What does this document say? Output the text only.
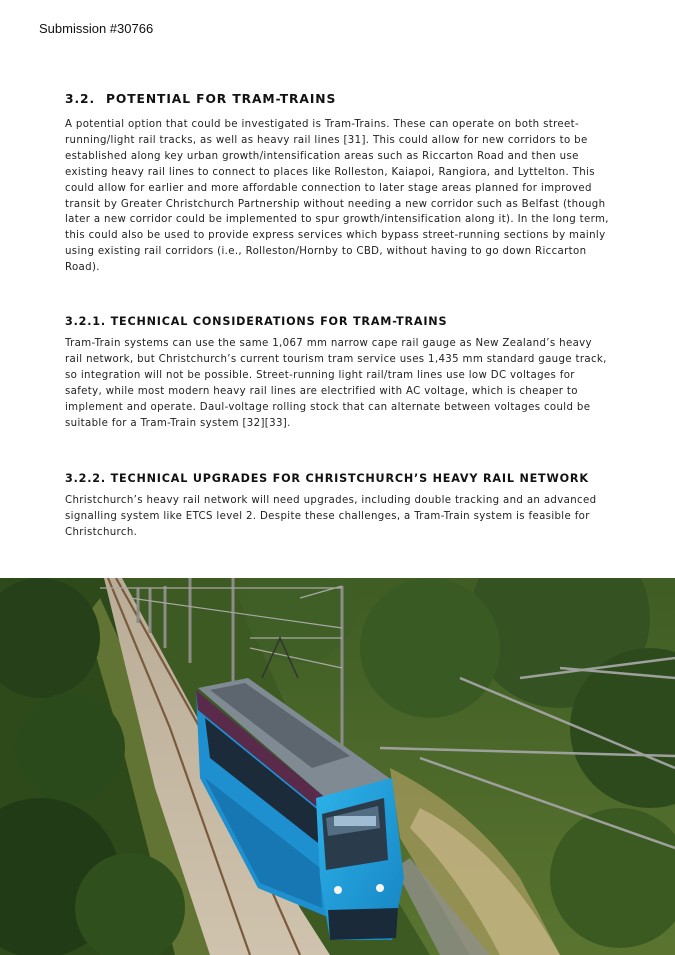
Submission #30766
3.2. POTENTIAL FOR TRAM-TRAINS

A potential option that could be investigated is Tram-Trains. These can operate on both street-running/light rail tracks, as well as heavy rail lines [31]. This could allow for new corridors to be established along key urban growth/intensification areas such as Riccarton Road and then use existing heavy rail lines to connect to places like Rolleston, Kaiapoi, Rangiora, and Lyttelton. This could allow for earlier and more affordable connection to later stage areas planned for improved transit by Greater Christchurch Partnership without needing a new corridor such as Belfast (though later a new corridor could be implemented to spur growth/intensification along it). In the long term, this could also be used to provide express services which bypass street-running sections by mainly using existing rail corridors (i.e., Rolleston/Hornby to CBD, without having to go down Riccarton Road).

3.2.1. TECHNICAL CONSIDERATIONS FOR TRAM-TRAINS

Tram-Train systems can use the same 1,067 mm narrow cape rail gauge as New Zealand’s heavy rail network, but Christchurch’s current tourism tram service uses 1,435 mm standard gauge track, so integration will not be possible. Street-running light rail/tram lines use low DC voltages for safety, while most modern heavy rail lines are electrified with AC voltage, which is cheaper to implement and operate. Daul-voltage rolling stock that can alternate between voltages could be suitable for a Tram-Train system [32][33].

3.2.2. TECHNICAL UPGRADES FOR CHRISTCHURCH’S HEAVY RAIL NETWORK

Christchurch’s heavy rail network will need upgrades, including double tracking and an advanced signalling system like ETCS level 2. Despite these challenges, a Tram-Train system is feasible for Christchurch.
